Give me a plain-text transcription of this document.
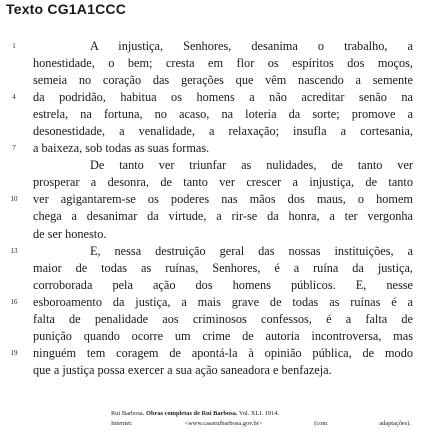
Texto CG1A1CCC
1	A injustiça, Senhores, desanima o trabalho, a
honestidade, o bem; cresta em flor os espíritos dos moços,
semeia no coração das gerações que vêm nascendo a semente
4	da podridão, habitua os homens a não acreditar senão na
estrela, na fortuna, no acaso, na loteria da sorte; promove a
desonestidade, a venalidade, a relaxação; insufla a cortesania,
7	a baixeza, sob todas as suas formas.
De tanto ver triunfar as nulidades, de tanto ver
prosperar a desonra, de tanto ver crescer a injustiça, de tanto
10	ver agigantarem-se os poderes nas mãos dos maus, o homem
chega a desanimar da virtude, a rir-se da honra, a ter vergonha
de ser honesto.
13	E, nessa destruição geral das nossas instituições, a
maior de todas as ruínas, Senhores, é a ruína da justiça,
corroborada pela ação dos homens públicos. E, nesse
16	esboroamento da justiça, a mais grave de todas as ruínas é a
falta de penalidade aos criminosos confessos, é a falta de
punição quando ocorre um crime de autoria incontroversa, mas
19	ninguém tem coragem de apontá-la à opinião pública, de modo
que a justiça possa exercer a sua ação saneadora e benfazeja.
Rui Barbosa. Obras completas de Rui Barbosa. Vol. XLI. 1914.
Internet:	<www.casaruibarbosa.gov.br>	(com adaptações).
